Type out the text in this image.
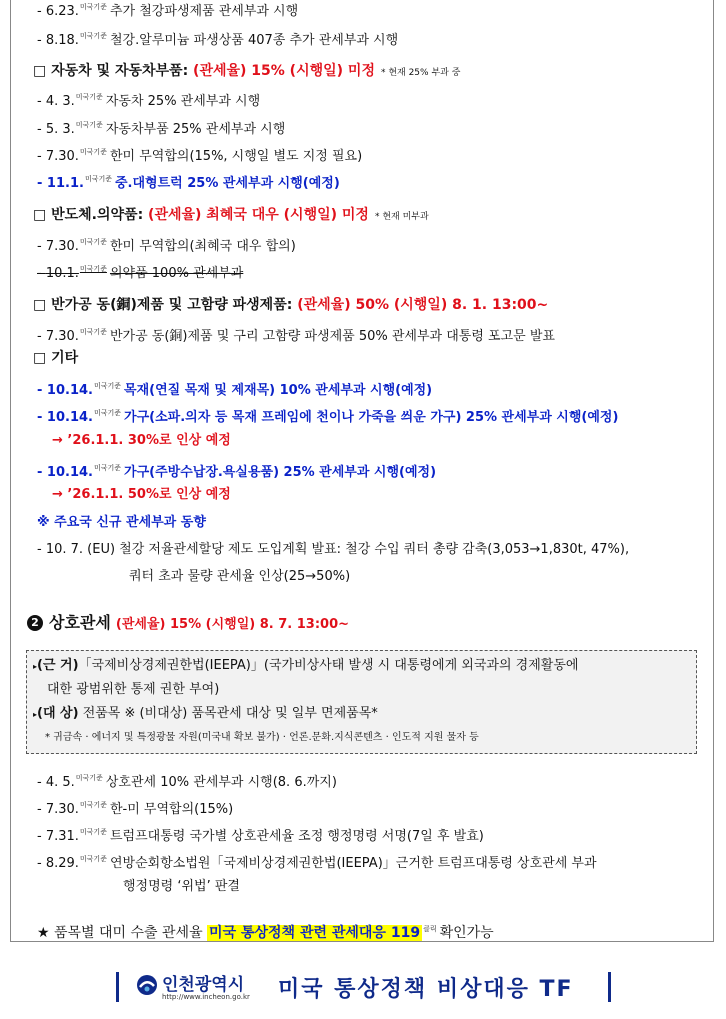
- 6.23.$^{미국기준}$ 추가 철강파생제품 관세부과 시행
- 8.18.$^{미국기준}$ 철강.알루미늄 파생상품 407종 추가 관세부과 시행
□ 자동차 및 자동차부품: (관세율) 15% (시행일) 미정 * 현재 25% 부과 중
- 4. 3.$^{미국기준}$ 자동차 25% 관세부과 시행
- 5. 3.$^{미국기준}$ 자동차부품 25% 관세부과 시행
- 7.30.$^{미국기준}$ 한미 무역합의(15%, 시행일 별도 지정 필요)
- 11.1.$^{미국기준}$ 중.대형트럭 25% 관세부과 시행(예정)
□ 반도체.의약품: (관세율) 최혜국 대우 (시행일) 미정 * 현재 미부과
- 7.30.$^{미국기준}$ 한미 무역합의(최혜국 대우 합의)
- 10.1.$^{미국기준}$ 의약품 100% 관세부과
□ 반가공 동(銅)제품 및 고함량 파생제품: (관세율) 50% (시행일) 8. 1. 13:00~
- 7.30.$^{미국기준}$ 반가공 동(銅)제품 및 구리 고함량 파생제품 50% 관세부과 대통령 포고문 발표
□ 기타
- 10.14.$^{미국기준}$ 목재(연질 목재 및 제재목) 10% 관세부과 시행(예정)
- 10.14.$^{미국기준}$ 가구(소파.의자 등 목재 프레임에 천이나 가죽을 씌운 가구) 25% 관세부과 시행(예정)
→ ’26.1.1. 30%로 인상 예정
- 10.14.$^{미국기준}$ 가구(주방수납장.욕실용품) 25% 관세부과 시행(예정)
→ ’26.1.1. 50%로 인상 예정
※ 주요국 신규 관세부과 동향
- 10. 7. (EU) 철강 저율관세할당 제도 도입계획 발표: 철강 수입 쿼터 총량 감축(3,053→1,830t, 47%),
쿼터 초과 물량 관세율 인상(25→50%)
2 상호관세 (관세율) 15% (시행일) 8. 7. 13:00~
▸(근 거)「국제비상경제권한법(IEEPA)」(국가비상사태 발생 시 대통령에게 외국과의 경제활동에
대한 광범위한 통제 권한 부여)
▸(대 상) 전품목 ※ (비대상) 품목관세 대상 및 일부 면제품목*
* 귀금속 · 에너지 및 특정광물 자원(미국내 확보 불가) · 언론.문화.지식콘텐츠 · 인도적 지원 물자 등
- 4. 5.$^{미국기준}$ 상호관세 10% 관세부과 시행(8. 6.까지)
- 7.30.$^{미국기준}$ 한-미 무역합의(15%)
- 7.31.$^{미국기준}$ 트럼프대통령 국가별 상호관세율 조정 행정명령 서명(7일 후 발효)
- 8.29.$^{미국기준}$ 연방순회항소법원「국제비상경제권한법(IEEPA)」근거한 트럼프대통령 상호관세 부과
행정명령 ‘위법’ 판결
★ 품목별 대미 수출 관세율 미국 통상정책 관련 관세대응 119 $^{클릭}$ 확인가능
인천광역시
http://www.incheon.go.kr 미국 통상정책 비상대응 TF
